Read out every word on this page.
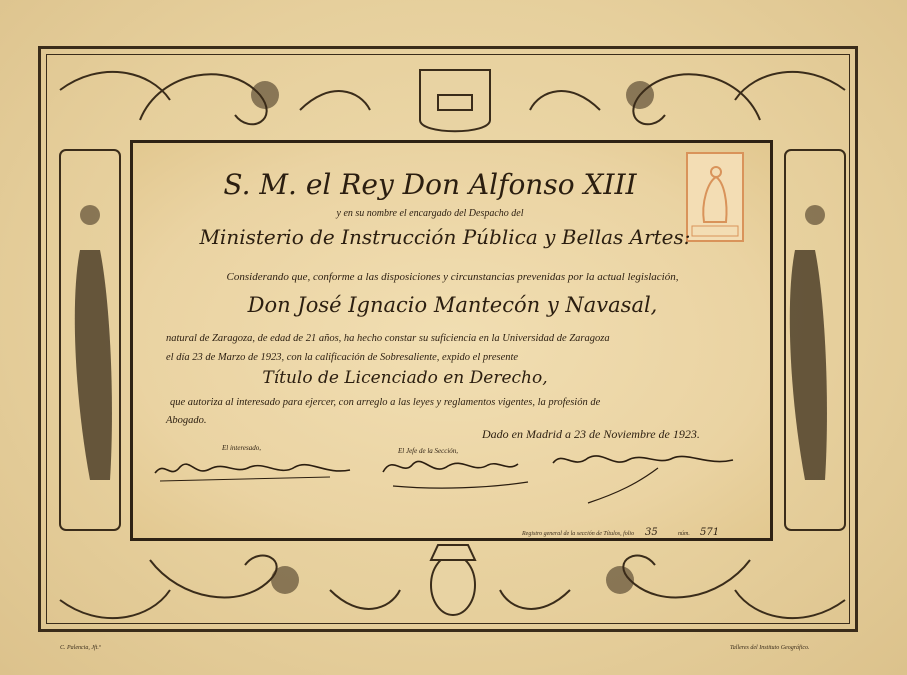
S. M. el Rey Don Alfonso XIII
y en su nombre el encargado del Despacho del
Ministerio de Instrucción Pública y Bellas Artes:
Considerando que, conforme a las disposiciones y circunstancias prevenidas por la actual legislación,
Don José Ignacio Mantecón y Navasal,
natural de Zaragoza, de edad de 21 años, ha hecho constar su suficiencia en la Universidad de Zaragoza
el día 23 de Marzo de 1923, con la calificación de Sobresaliente, expido el presente
Título de Licenciado en Derecho,
que autoriza al interesado para ejercer, con arreglo a las leyes y reglamentos vigentes, la profesión de
Abogado.
Dado en Madrid a 23 de Noviembre de 1923.
El interesado,	El Jefe de la Sección,
Registro general de la sección de Títulos, folio 35	núm. 571
C. Palencia, Jft.º	Talleres del Instituto Geográfico.
